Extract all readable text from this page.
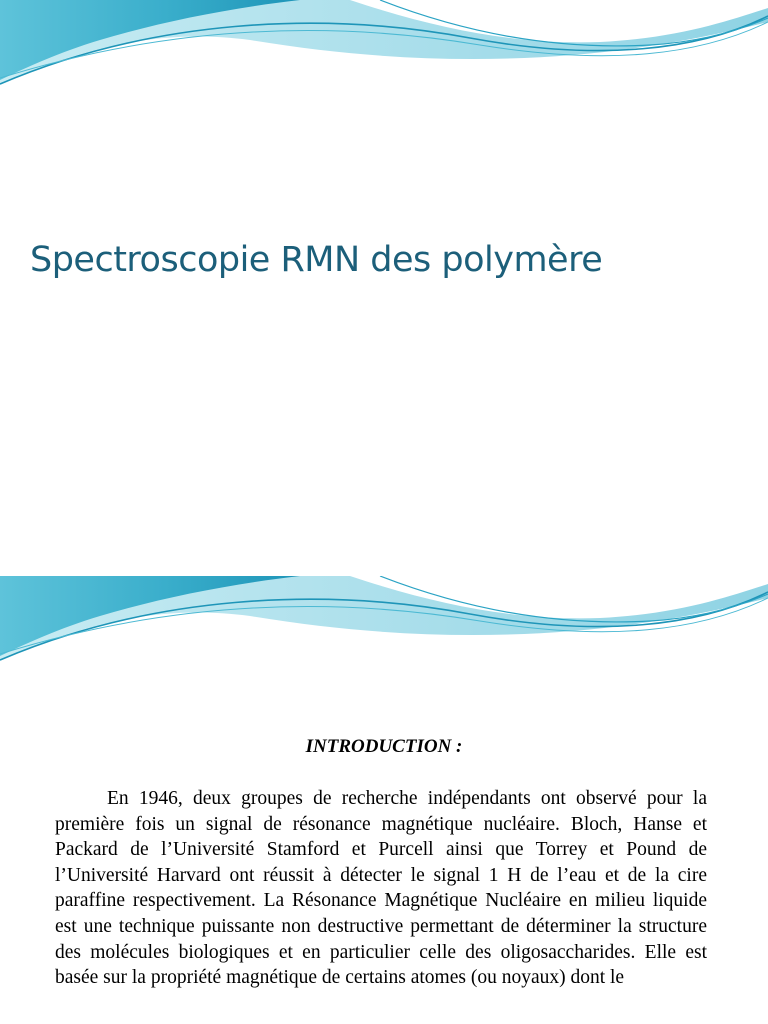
Spectroscopie RMN des polymère
INTRODUCTION :

En 1946, deux groupes de recherche indépendants ont observé pour la première fois un signal de résonance magnétique nucléaire. Bloch, Hanse et Packard de l’Université Stamford et Purcell ainsi que Torrey et Pound de l’Université Harvard ont réussit à détecter le signal 1 H de l’eau et de la cire paraffine respectivement. La Résonance Magnétique Nucléaire en milieu liquide est une technique puissante non destructive permettant de déterminer la structure des molécules biologiques et en particulier celle des oligosaccharides. Elle est basée sur la propriété magnétique de certains atomes (ou noyaux) dont le
